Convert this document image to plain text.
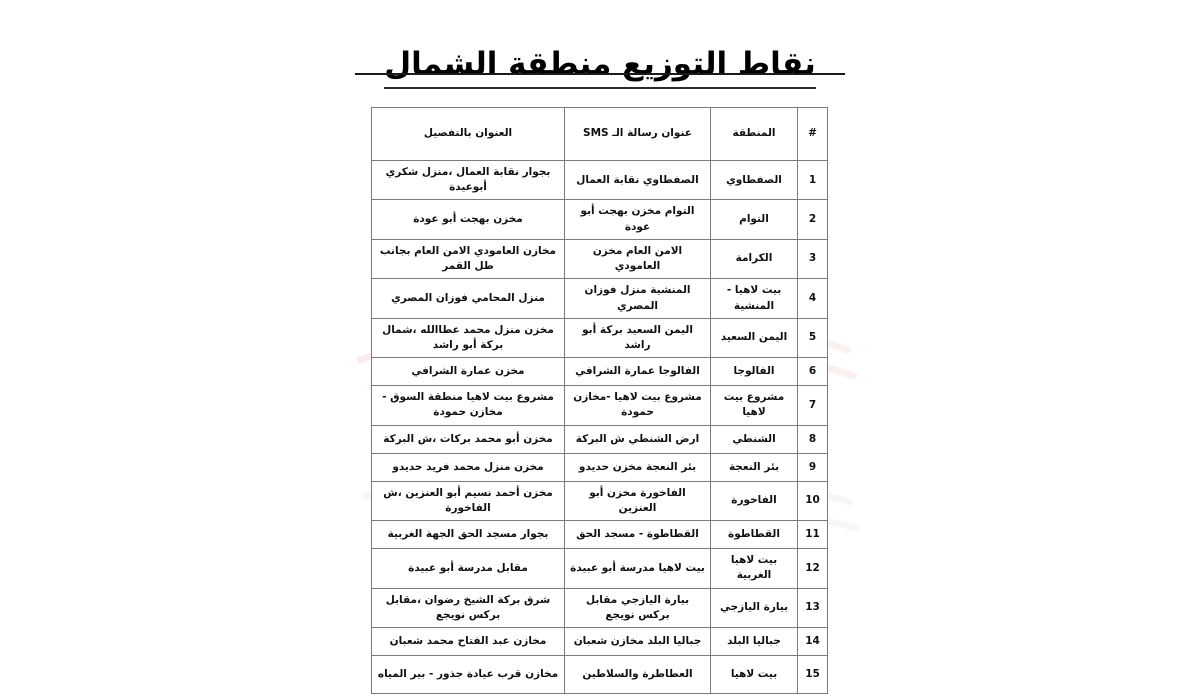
نقاط التوزيع منطقة الشمال
#	المنطقة	عنوان رسالة الـ SMS	العنوان بالتفصيل
1	الصفطاوي	الصفطاوي نقابة العمال	بجوار نقابة العمال ،منزل شكري أبوعيدة
2	التوام	التوام مخزن بهجت أبو عودة	مخزن بهجت أبو عودة
3	الكرامة	الامن العام مخزن العامودي	مخازن العامودي الامن العام بجانب طل القمر
4	بيت لاهيا - المنشية	المنشية منزل فوزان المصري	منزل المحامي فوزان المصري
5	اليمن السعيد	اليمن السعيد بركة أبو راشد	مخزن منزل محمد عطاالله ،شمال بركة أبو راشد
6	الفالوجا	الفالوجا عمارة الشرافي	مخزن عمارة الشرافي
7	مشروع بيت لاهيا	مشروع بيت لاهيا -مخازن حمودة	مشروع بيت لاهيا منطقة السوق - مخازن حمودة
8	الشنطي	ارض الشنطي ش البركة	مخزن أبو محمد بركات ،ش البركة
9	بئر النعجة	بئر النعجة مخزن حديدو	مخزن منزل محمد فريد حديدو
10	الفاخورة	الفاخورة مخزن أبو العنزين	مخزن أحمد نسيم أبو العنزين ،ش الفاخورة
11	القطاطوة	القطاطوة - مسجد الحق	بجوار مسجد الحق الجهة الغربية
12	بيت لاهيا الغربية	بيت لاهيا مدرسة أبو عبيدة	مقابل مدرسة أبو عبيدة
13	بيارة اليازجي	بيارة اليازجي مقابل بركس نويجع	شرق بركة الشيخ رضوان ،مقابل بركس نويجع
14	جباليا البلد	جباليا البلد مخازن شعبان	مخازن عبد الفتاح محمد شعبان
15	بيت لاهيا	العطاطرة والسلاطين	مخازن قرب عيادة جذور - بير المياه
